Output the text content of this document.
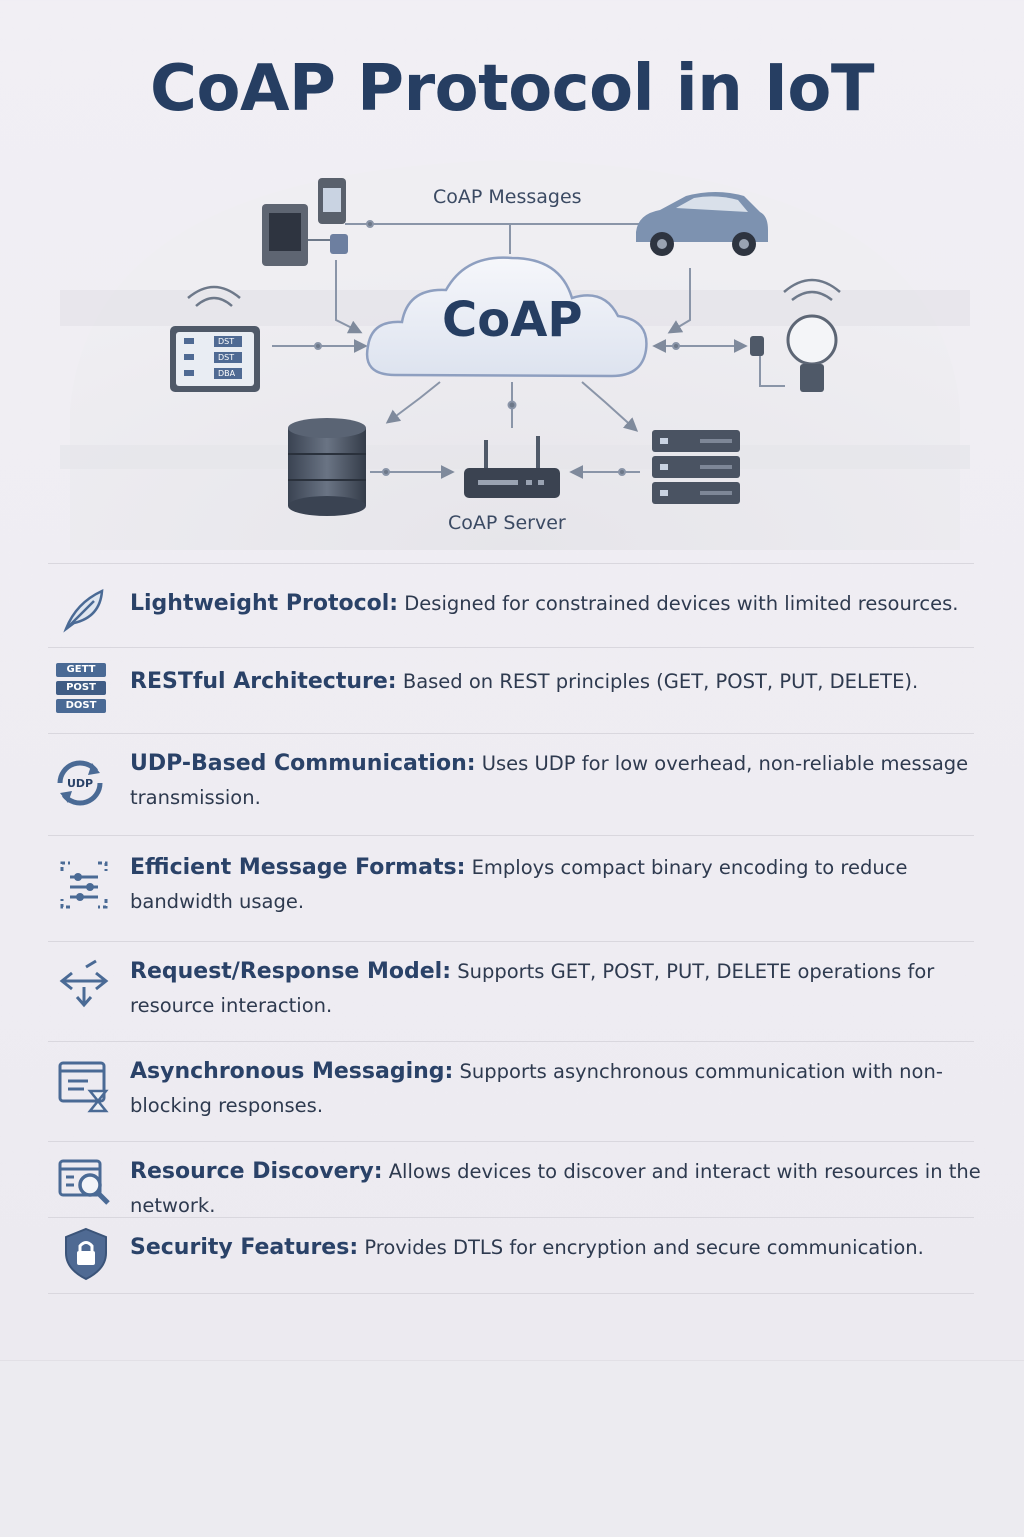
CoAP Protocol in IoT
CoAP Messages
CoAP
CoAP Server
DST
DST
DBA
Lightweight Protocol: Designed for constrained devices with limited resources.
GETT
POST
DOST
RESTful Architecture: Based on REST principles (GET, POST, PUT, DELETE).
UDP
UDP-Based Communication: Uses UDP for low overhead, non-reliable message transmission.
Efficient Message Formats: Employs compact binary encoding to reduce bandwidth usage.
Request/Response Model: Supports GET, POST, PUT, DELETE operations for resource interaction.
Asynchronous Messaging: Supports asynchronous communication with non-blocking responses.
Resource Discovery: Allows devices to discover and interact with resources in the network.
Security Features: Provides DTLS for encryption and secure communication.
